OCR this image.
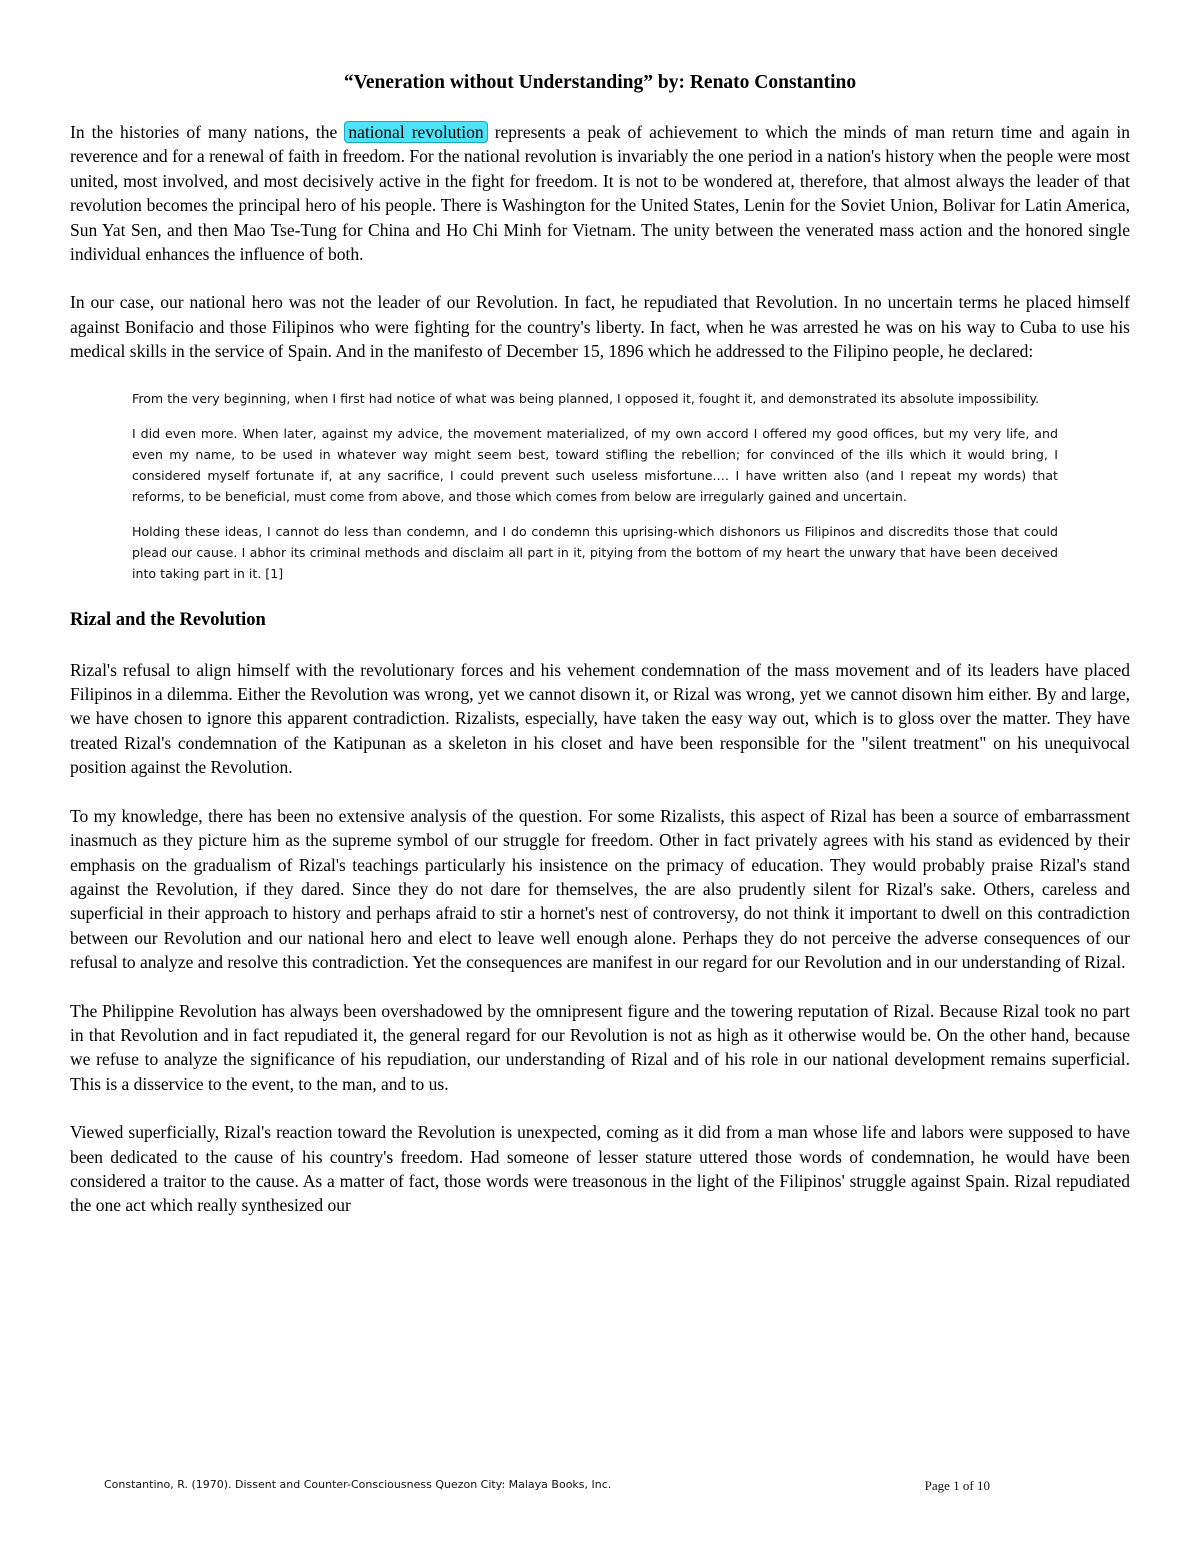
“Veneration without Understanding” by: Renato Constantino

In the histories of many nations, the national revolution represents a peak of achievement to which the minds of man return time and again in reverence and for a renewal of faith in freedom. For the national revolution is invariably the one period in a nation's history when the people were most united, most involved, and most decisively active in the fight for freedom. It is not to be wondered at, therefore, that almost always the leader of that revolution becomes the principal hero of his people. There is Washington for the United States, Lenin for the Soviet Union, Bolivar for Latin America, Sun Yat Sen, and then Mao Tse-Tung for China and Ho Chi Minh for Vietnam. The unity between the venerated mass action and the honored single individual enhances the influence of both.

In our case, our national hero was not the leader of our Revolution. In fact, he repudiated that Revolution. In no uncertain terms he placed himself against Bonifacio and those Filipinos who were fighting for the country's liberty. In fact, when he was arrested he was on his way to Cuba to use his medical skills in the service of Spain. And in the manifesto of December 15, 1896 which he addressed to the Filipino people, he declared:

From the very beginning, when I first had notice of what was being planned, I opposed it, fought it, and demonstrated its absolute impossibility.

I did even more. When later, against my advice, the movement materialized, of my own accord I offered my good offices, but my very life, and even my name, to be used in whatever way might seem best, toward stifling the rebellion; for convinced of the ills which it would bring, I considered myself fortunate if, at any sacrifice, I could prevent such useless misfortune.… I have written also (and I repeat my words) that reforms, to be beneficial, must come from above, and those which comes from below are irregularly gained and uncertain.

Holding these ideas, I cannot do less than condemn, and I do condemn this uprising-which dishonors us Filipinos and discredits those that could plead our cause. I abhor its criminal methods and disclaim all part in it, pitying from the bottom of my heart the unwary that have been deceived into taking part in it. [1]

Rizal and the Revolution

Rizal's refusal to align himself with the revolutionary forces and his vehement condemnation of the mass movement and of its leaders have placed Filipinos in a dilemma. Either the Revolution was wrong, yet we cannot disown it, or Rizal was wrong, yet we cannot disown him either. By and large, we have chosen to ignore this apparent contradiction. Rizalists, especially, have taken the easy way out, which is to gloss over the matter. They have treated Rizal's condemnation of the Katipunan as a skeleton in his closet and have been responsible for the "silent treatment" on his unequivocal position against the Revolution.

To my knowledge, there has been no extensive analysis of the question. For some Rizalists, this aspect of Rizal has been a source of embarrassment inasmuch as they picture him as the supreme symbol of our struggle for freedom. Other in fact privately agrees with his stand as evidenced by their emphasis on the gradualism of Rizal's teachings particularly his insistence on the primacy of education. They would probably praise Rizal's stand against the Revolution, if they dared. Since they do not dare for themselves, the are also prudently silent for Rizal's sake. Others, careless and superficial in their approach to history and perhaps afraid to stir a hornet's nest of controversy, do not think it important to dwell on this contradiction between our Revolution and our national hero and elect to leave well enough alone. Perhaps they do not perceive the adverse consequences of our refusal to analyze and resolve this contradiction. Yet the consequences are manifest in our regard for our Revolution and in our understanding of Rizal.

The Philippine Revolution has always been overshadowed by the omnipresent figure and the towering reputation of Rizal. Because Rizal took no part in that Revolution and in fact repudiated it, the general regard for our Revolution is not as high as it otherwise would be. On the other hand, because we refuse to analyze the significance of his repudiation, our understanding of Rizal and of his role in our national development remains superficial. This is a disservice to the event, to the man, and to us.

Viewed superficially, Rizal's reaction toward the Revolution is unexpected, coming as it did from a man whose life and labors were supposed to have been dedicated to the cause of his country's freedom. Had someone of lesser stature uttered those words of condemnation, he would have been considered a traitor to the cause. As a matter of fact, those words were treasonous in the light of the Filipinos' struggle against Spain. Rizal repudiated the one act which really synthesized our

Constantino, R. (1970). Dissent and Counter-Consciousness Quezon City: Malaya Books, Inc.	Page 1 of 10
